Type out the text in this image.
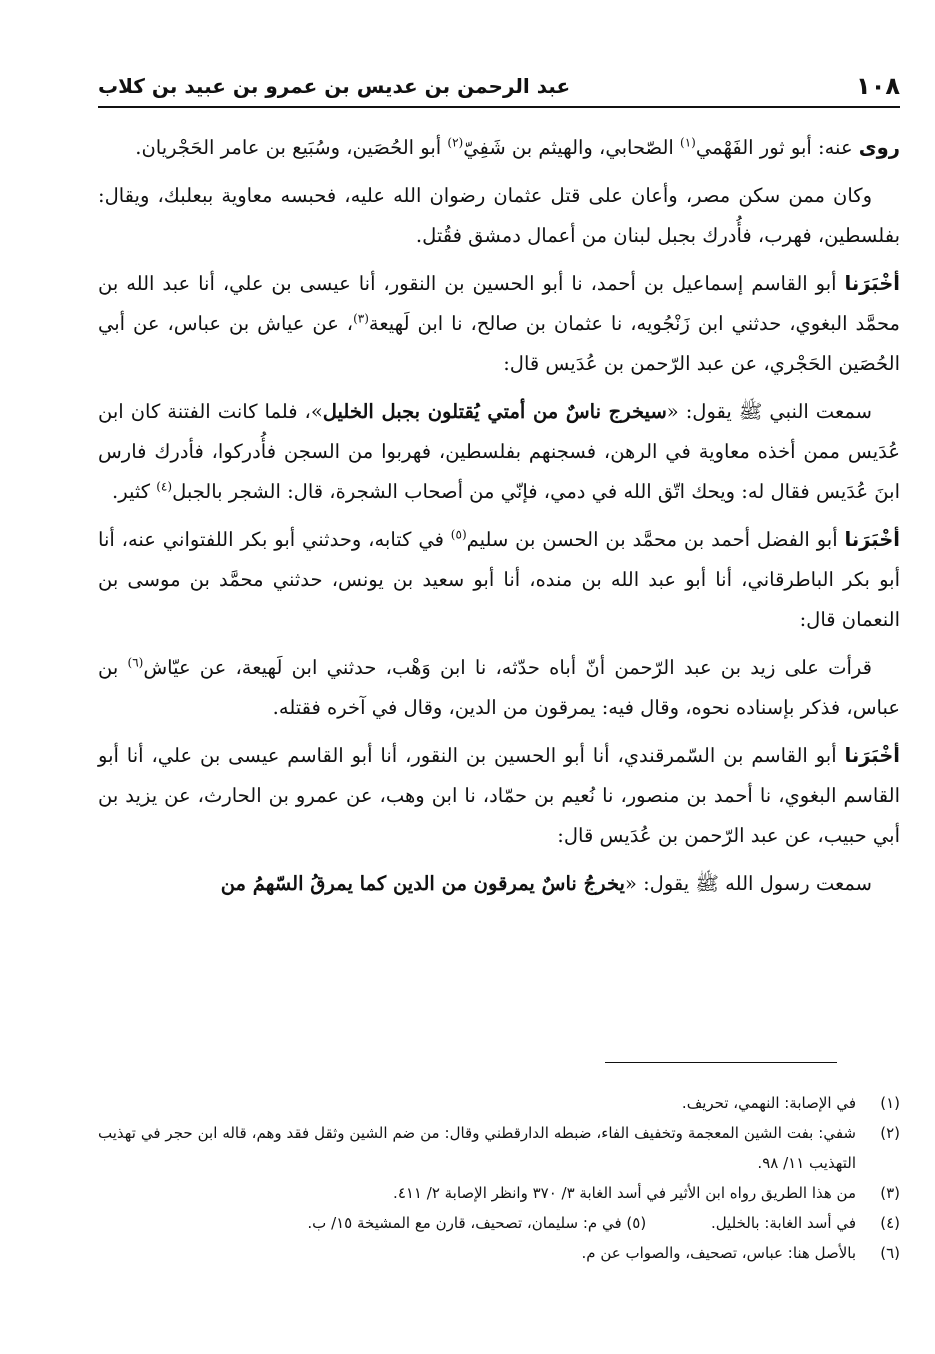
١٠٨
عبد الرحمن بن عديس بن عمرو بن عبيد بن كلاب

روى عنه: أبو ثور الفَهْمي$^{(١)}$ الصّحابي، والهيثم بن شَفِيّ$^{(٢)}$ أبو الحُصَين، وسُبَيع بن عامر الحَجْريان.

وكان ممن سكن مصر، وأعان على قتل عثمان رضوان الله عليه، فحبسه معاوية ببعلبك، ويقال: بفلسطين، فهرب، فأُدرك بجبل لبنان من أعمال دمشق فقُتل.

أخْبَرَنا أبو القاسم إسماعيل بن أحمد، نا أبو الحسين بن النقور، أنا عيسى بن علي، أنا عبد الله بن محمَّد البغوي، حدثني ابن زَنْجُويه، نا عثمان بن صالح، نا ابن لَهيعة$^{(٣)}$، عن عياش بن عباس، عن أبي الحُصَين الحَجْري، عن عبد الرّحمن بن عُدَيس قال:

سمعت النبي ﷺ يقول: «سيخرج ناسٌ من أمتي يُقتلون بجبل الخليل»، فلما كانت الفتنة كان ابن عُدَيس ممن أخذه معاوية في الرهن، فسجنهم بفلسطين، فهربوا من السجن فأُدركوا، فأدرك فارس ابنَ عُدَيس فقال له: ويحك اتّق الله في دمي، فإنّي من أصحاب الشجرة، قال: الشجر بالجبل$^{(٤)}$ كثير.

أخْبَرَنا أبو الفضل أحمد بن محمَّد بن الحسن بن سليم$^{(٥)}$ في كتابه، وحدثني أبو بكر اللفتواني عنه، أنا أبو بكر الباطرقاني، أنا أبو عبد الله بن منده، أنا أبو سعيد بن يونس، حدثني محمَّد بن موسى بن النعمان قال:

قرأت على زيد بن عبد الرّحمن أنّ أباه حدّثه، نا ابن وَهْب، حدثني ابن لَهيعة، عن عيّاش$^{(٦)}$ بن عباس، فذكر بإسناده نحوه، وقال فيه: يمرقون من الدين، وقال في آخره فقتله.

أخْبَرَنا أبو القاسم بن السّمرقندي، أنا أبو الحسين بن النقور، أنا أبو القاسم عيسى بن علي، أنا أبو القاسم البغوي، نا أحمد بن منصور، نا نُعيم بن حمّاد، نا ابن وهب، عن عمرو بن الحارث، عن يزيد بن أبي حبيب، عن عبد الرّحمن بن عُدَيس قال:

سمعت رسول الله ﷺ يقول: «يخرجُ ناسٌ يمرقون من الدين كما يمرقُ السّهمُ من

(١)
في الإصابة: النهمي، تحريف.
(٢)
شفي: بفت الشين المعجمة وتخفيف الفاء، ضبطه الدارقطني وقال: من ضم الشين وثقل فقد وهم، قاله ابن حجر في تهذيب التهذيب ١١/ ٩٨.
(٣)
من هذا الطريق رواه ابن الأثير في أسد الغابة ٣/ ٣٧٠ وانظر الإصابة ٢/ ٤١١.
(٤)
في أسد الغابة: بالخليل. (٥) في م: سليمان، تصحيف، قارن مع المشيخة ١٥/ ب.
(٦)
بالأصل هنا: عباس، تصحيف، والصواب عن م.
